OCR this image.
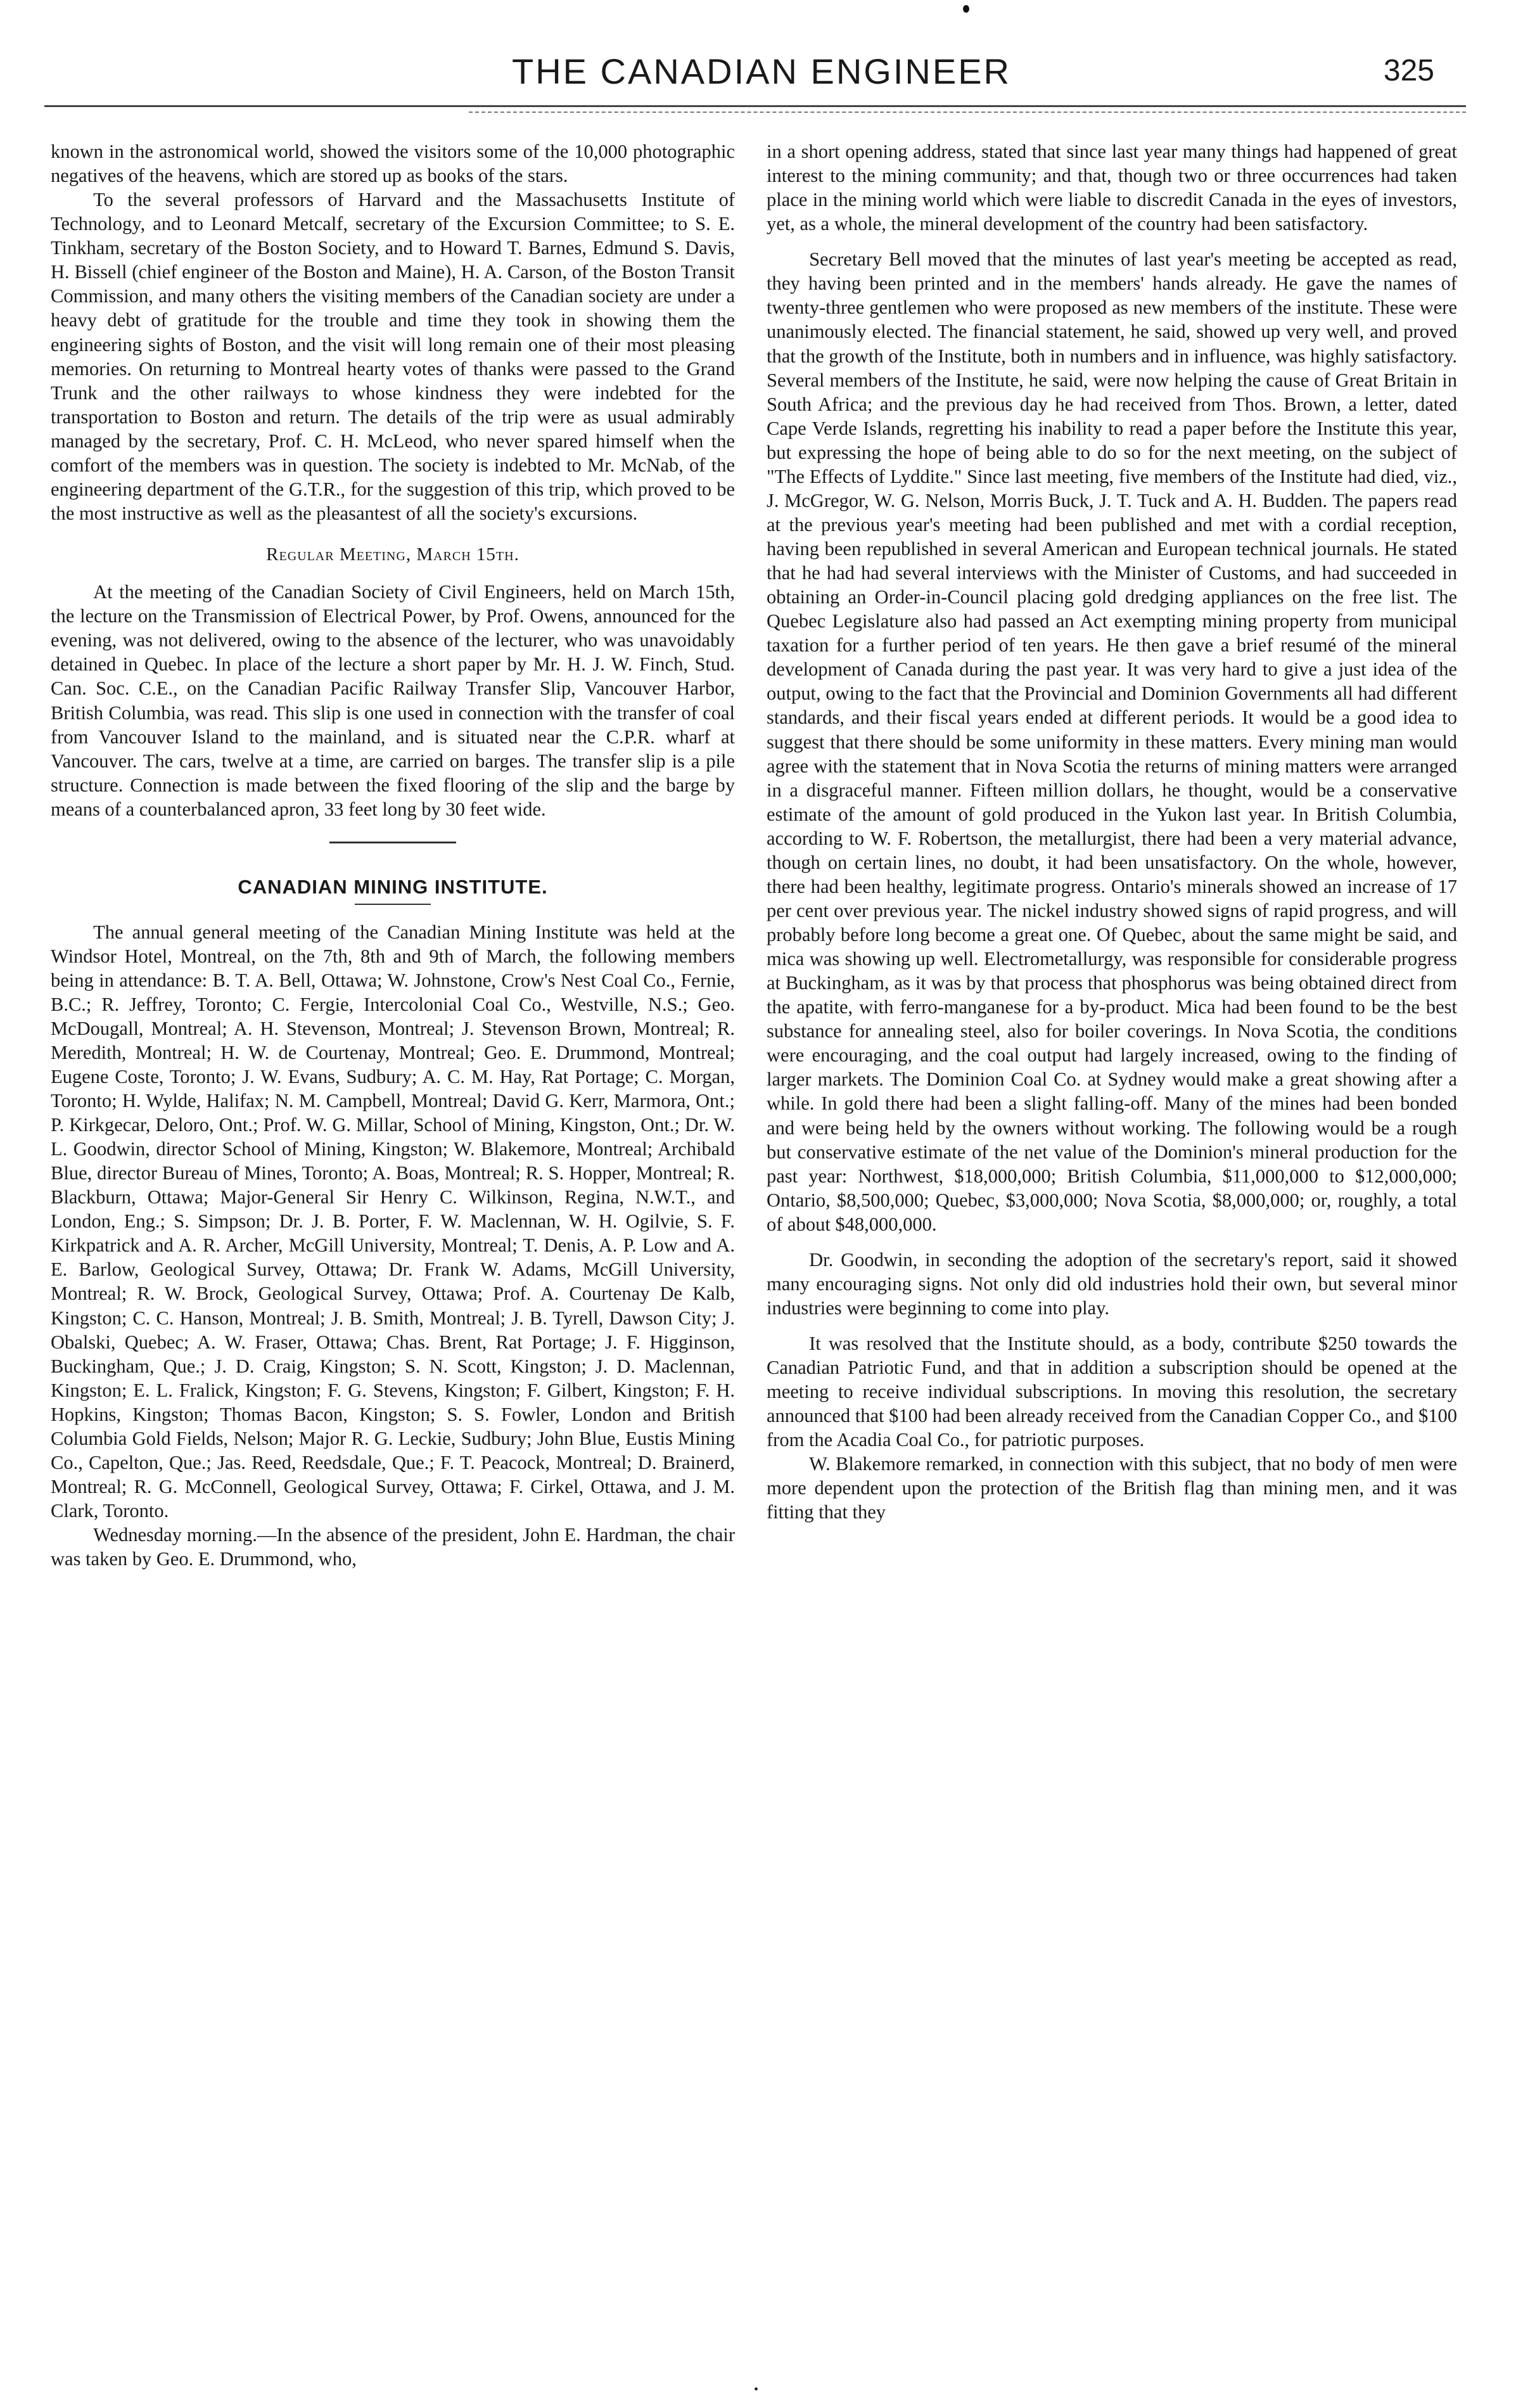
THE CANADIAN ENGINEER	325

known in the astronomical world, showed the visitors some of the 10,000 photographic negatives of the heavens, which are stored up as books of the stars.

To the several professors of Harvard and the Massachusetts Institute of Technology, and to Leonard Metcalf, secretary of the Excursion Committee; to S. E. Tinkham, secretary of the Boston Society, and to Howard T. Barnes, Edmund S. Davis, H. Bissell (chief engineer of the Boston and Maine), H. A. Carson, of the Boston Transit Commission, and many others the visiting members of the Canadian society are under a heavy debt of gratitude for the trouble and time they took in showing them the engineering sights of Boston, and the visit will long remain one of their most pleasing memories. On returning to Montreal hearty votes of thanks were passed to the Grand Trunk and the other railways to whose kindness they were indebted for the transportation to Boston and return. The details of the trip were as usual admirably managed by the secretary, Prof. C. H. McLeod, who never spared himself when the comfort of the members was in question. The society is indebted to Mr. McNab, of the engineering department of the G.T.R., for the suggestion of this trip, which proved to be the most instructive as well as the pleasantest of all the society's excursions.

Regular Meeting, March 15th.

At the meeting of the Canadian Society of Civil Engineers, held on March 15th, the lecture on the Transmission of Electrical Power, by Prof. Owens, announced for the evening, was not delivered, owing to the absence of the lecturer, who was unavoidably detained in Quebec. In place of the lecture a short paper by Mr. H. J. W. Finch, Stud. Can. Soc. C.E., on the Canadian Pacific Railway Transfer Slip, Vancouver Harbor, British Columbia, was read. This slip is one used in connection with the transfer of coal from Vancouver Island to the mainland, and is situated near the C.P.R. wharf at Vancouver. The cars, twelve at a time, are carried on barges. The transfer slip is a pile structure. Connection is made between the fixed flooring of the slip and the barge by means of a counterbalanced apron, 33 feet long by 30 feet wide.

CANADIAN MINING INSTITUTE.

The annual general meeting of the Canadian Mining Institute was held at the Windsor Hotel, Montreal, on the 7th, 8th and 9th of March, the following members being in attendance: B. T. A. Bell, Ottawa; W. Johnstone, Crow's Nest Coal Co., Fernie, B.C.; R. Jeffrey, Toronto; C. Fergie, Intercolonial Coal Co., Westville, N.S.; Geo. McDougall, Montreal; A. H. Stevenson, Montreal; J. Stevenson Brown, Montreal; R. Meredith, Montreal; H. W. de Courtenay, Montreal; Geo. E. Drummond, Montreal; Eugene Coste, Toronto; J. W. Evans, Sudbury; A. C. M. Hay, Rat Portage; C. Morgan, Toronto; H. Wylde, Halifax; N. M. Campbell, Montreal; David G. Kerr, Marmora, Ont.; P. Kirkgecar, Deloro, Ont.; Prof. W. G. Millar, School of Mining, Kingston, Ont.; Dr. W. L. Goodwin, director School of Mining, Kingston; W. Blakemore, Montreal; Archibald Blue, director Bureau of Mines, Toronto; A. Boas, Montreal; R. S. Hopper, Montreal; R. Blackburn, Ottawa; Major-General Sir Henry C. Wilkinson, Regina, N.W.T., and London, Eng.; S. Simpson; Dr. J. B. Porter, F. W. Maclennan, W. H. Ogilvie, S. F. Kirkpatrick and A. R. Archer, McGill University, Montreal; T. Denis, A. P. Low and A. E. Barlow, Geological Survey, Ottawa; Dr. Frank W. Adams, McGill University, Montreal; R. W. Brock, Geological Survey, Ottawa; Prof. A. Courtenay De Kalb, Kingston; C. C. Hanson, Montreal; J. B. Smith, Montreal; J. B. Tyrell, Dawson City; J. Obalski, Quebec; A. W. Fraser, Ottawa; Chas. Brent, Rat Portage; J. F. Higginson, Buckingham, Que.; J. D. Craig, Kingston; S. N. Scott, Kingston; J. D. Maclennan, Kingston; E. L. Fralick, Kingston; F. G. Stevens, Kingston; F. Gilbert, Kingston; F. H. Hopkins, Kingston; Thomas Bacon, Kingston; S. S. Fowler, London and British Columbia Gold Fields, Nelson; Major R. G. Leckie, Sudbury; John Blue, Eustis Mining Co., Capelton, Que.; Jas. Reed, Reedsdale, Que.; F. T. Peacock, Montreal; D. Brainerd, Montreal; R. G. McConnell, Geological Survey, Ottawa; F. Cirkel, Ottawa, and J. M. Clark, Toronto.

Wednesday morning.—In the absence of the president, John E. Hardman, the chair was taken by Geo. E. Drummond, who,

in a short opening address, stated that since last year many things had happened of great interest to the mining community; and that, though two or three occurrences had taken place in the mining world which were liable to discredit Canada in the eyes of investors, yet, as a whole, the mineral development of the country had been satisfactory.

Secretary Bell moved that the minutes of last year's meeting be accepted as read, they having been printed and in the members' hands already. He gave the names of twenty-three gentlemen who were proposed as new members of the institute. These were unanimously elected. The financial statement, he said, showed up very well, and proved that the growth of the Institute, both in numbers and in influence, was highly satisfactory. Several members of the Institute, he said, were now helping the cause of Great Britain in South Africa; and the previous day he had received from Thos. Brown, a letter, dated Cape Verde Islands, regretting his inability to read a paper before the Institute this year, but expressing the hope of being able to do so for the next meeting, on the subject of "The Effects of Lyddite." Since last meeting, five members of the Institute had died, viz., J. McGregor, W. G. Nelson, Morris Buck, J. T. Tuck and A. H. Budden. The papers read at the previous year's meeting had been published and met with a cordial reception, having been republished in several American and European technical journals. He stated that he had had several interviews with the Minister of Customs, and had succeeded in obtaining an Order-in-Council placing gold dredging appliances on the free list. The Quebec Legislature also had passed an Act exempting mining property from municipal taxation for a further period of ten years. He then gave a brief resumé of the mineral development of Canada during the past year. It was very hard to give a just idea of the output, owing to the fact that the Provincial and Dominion Governments all had different standards, and their fiscal years ended at different periods. It would be a good idea to suggest that there should be some uniformity in these matters. Every mining man would agree with the statement that in Nova Scotia the returns of mining matters were arranged in a disgraceful manner. Fifteen million dollars, he thought, would be a conservative estimate of the amount of gold produced in the Yukon last year. In British Columbia, according to W. F. Robertson, the metallurgist, there had been a very material advance, though on certain lines, no doubt, it had been unsatisfactory. On the whole, however, there had been healthy, legitimate progress. Ontario's minerals showed an increase of 17 per cent over previous year. The nickel industry showed signs of rapid progress, and will probably before long become a great one. Of Quebec, about the same might be said, and mica was showing up well. Electrometallurgy, was responsible for considerable progress at Buckingham, as it was by that process that phosphorus was being obtained direct from the apatite, with ferro-manganese for a by-product. Mica had been found to be the best substance for annealing steel, also for boiler coverings. In Nova Scotia, the conditions were encouraging, and the coal output had largely increased, owing to the finding of larger markets. The Dominion Coal Co. at Sydney would make a great showing after a while. In gold there had been a slight falling-off. Many of the mines had been bonded and were being held by the owners without working. The following would be a rough but conservative estimate of the net value of the Dominion's mineral production for the past year: Northwest, $18,000,000; British Columbia, $11,000,000 to $12,000,000; Ontario, $8,500,000; Quebec, $3,000,000; Nova Scotia, $8,000,000; or, roughly, a total of about $48,000,000.

Dr. Goodwin, in seconding the adoption of the secretary's report, said it showed many encouraging signs. Not only did old industries hold their own, but several minor industries were beginning to come into play.

It was resolved that the Institute should, as a body, contribute $250 towards the Canadian Patriotic Fund, and that in addition a subscription should be opened at the meeting to receive individual subscriptions. In moving this resolution, the secretary announced that $100 had been already received from the Canadian Copper Co., and $100 from the Acadia Coal Co., for patriotic purposes.

W. Blakemore remarked, in connection with this subject, that no body of men were more dependent upon the protection of the British flag than mining men, and it was fitting that they

•
